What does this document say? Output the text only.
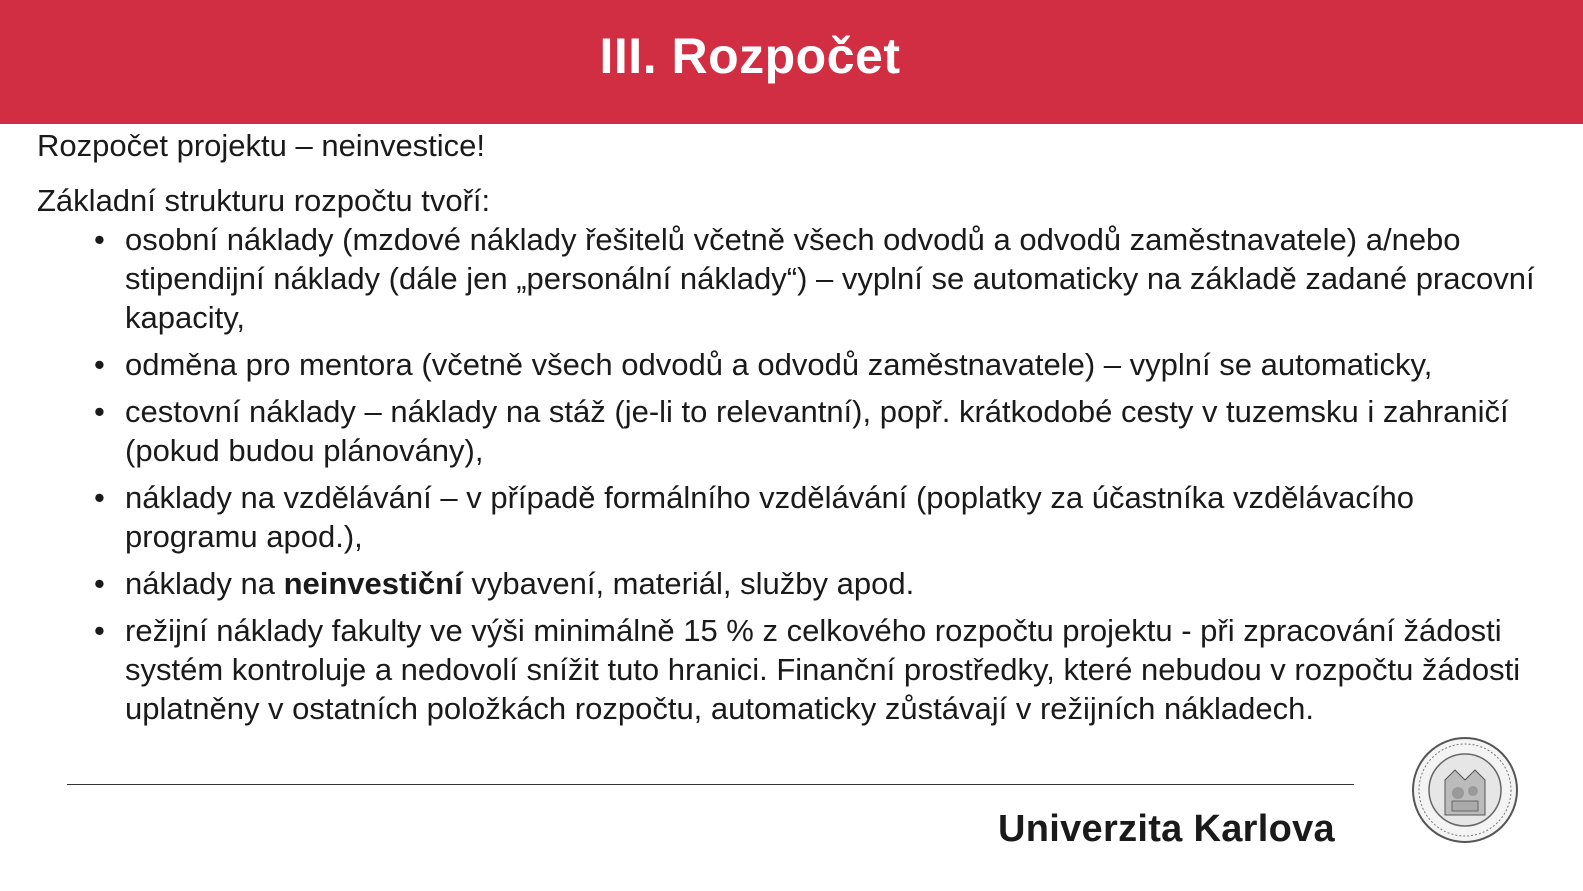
III. Rozpočet

Rozpočet projektu – neinvestice!

Základní strukturu rozpočtu tvoří:

• osobní náklady (mzdové náklady řešitelů včetně všech odvodů a odvodů zaměstnavatele) a/nebo stipendijní náklady (dále jen „personální náklady“) – vyplní se automaticky na základě zadané pracovní kapacity,
• odměna pro mentora (včetně všech odvodů a odvodů zaměstnavatele) – vyplní se automaticky,
• cestovní náklady – náklady na stáž (je-li to relevantní), popř. krátkodobé cesty v tuzemsku i zahraničí (pokud budou plánovány),
• náklady na vzdělávání – v případě formálního vzdělávání (poplatky za účastníka vzdělávacího programu apod.),
• náklady na neinvestiční vybavení, materiál, služby apod.
• režijní náklady fakulty ve výši minimálně 15 % z celkového rozpočtu projektu - při zpracování žádosti systém kontroluje a nedovolí snížit tuto hranici. Finanční prostředky, které nebudou v rozpočtu žádosti uplatněny v ostatních položkách rozpočtu, automaticky zůstávají v režijních nákladech.
Univerzita Karlova
